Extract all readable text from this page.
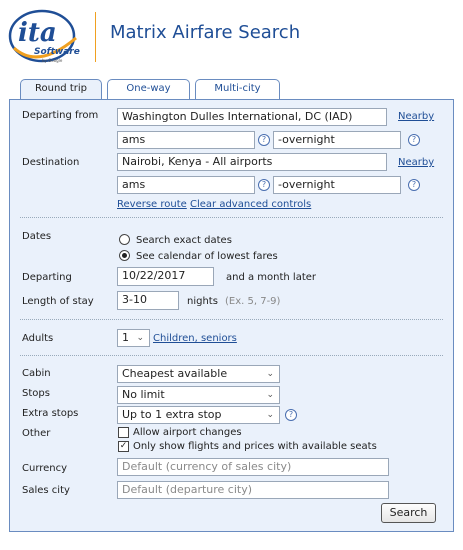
ita
Software
by Google
Matrix Airfare Search
Round trip	One-way	Multi-city
Departing from	Washington Dulles International, DC (IAD)	Nearby
ams	?	-overnight	?
Destination	Nairobi, Kenya - All airports	Nearby
ams	?	-overnight	?
Reverse route Clear advanced controls
Dates	Search exact dates
See calendar of lowest fares
Departing	10/22/2017	and a month later
Length of stay	3-10	nights (Ex. 5, 7-9)
Adults	1 ⌄ Children, seniors
Cabin	Cheapest available	⌄
Stops	No limit	⌄
Extra stops	Up to 1 extra stop	⌄	?
Other	Allow airport changes
✓ Only show flights and prices with available seats
Currency	Default (currency of sales city)
Sales city	Default (departure city)
Search
